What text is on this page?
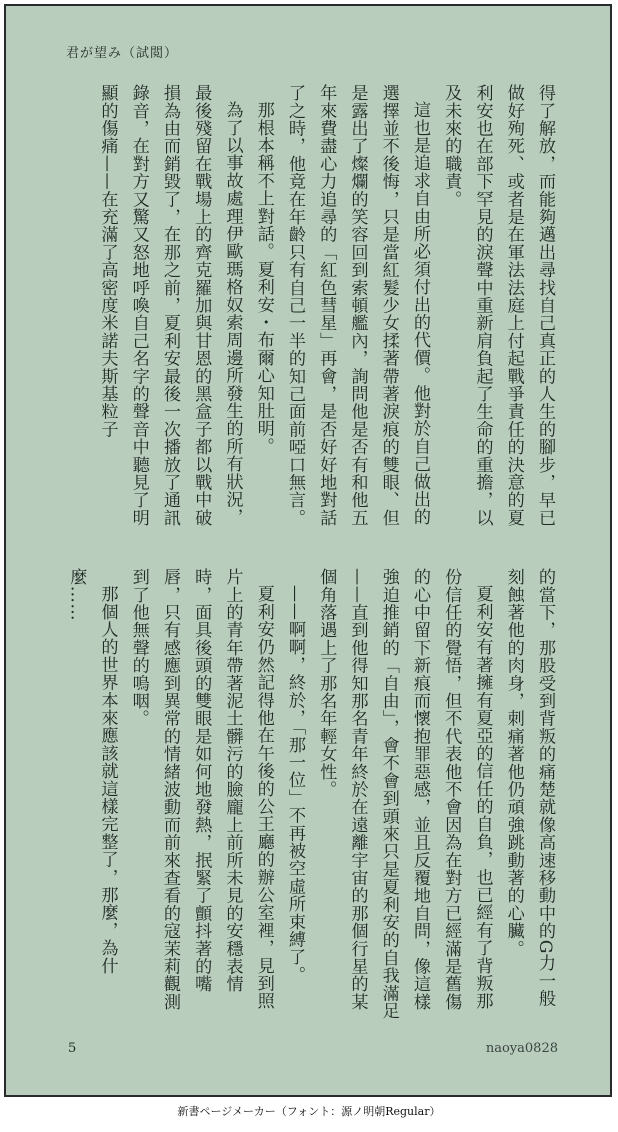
君が望み（試閲）

得了解放，而能夠邁出尋找自己真正的人生的腳步，早已做好殉死、或者是在軍法法庭上付起戰爭責任的決意的夏利安也在部下罕見的淚聲中重新肩負起了生命的重擔，以及未來的職責。

這也是追求自由所必須付出的代價。他對於自己做出的選擇並不後悔，只是當紅髮少女揉著帶著淚痕的雙眼、但是露出了燦爛的笑容回到索頓艦內，詢問他是否有和他五年來費盡心力追尋的「紅色彗星」再會，是否好好地對話了之時，他竟在年齡只有自己一半的知己面前啞口無言。

那根本稱不上對話。夏利安・布爾心知肚明。

為了以事故處理伊歐瑪格奴索周邊所發生的所有狀況，最後殘留在戰場上的齊克羅加與甘恩的黑盒子都以戰中破損為由而銷毀了，在那之前，夏利安最後一次播放了通訊錄音，在對方又驚又怒地呼喚自己名字的聲音中聽見了明顯的傷痛——在充滿了高密度米諾夫斯基粒子

的當下，那股受到背叛的痛楚就像高速移動中的G力一般刻蝕著他的肉身，刺痛著他仍頑強跳動著的心臟。

夏利安有著擁有夏亞的信任的自負，也已經有了背叛那份信任的覺悟，但不代表他不會因為在對方已經滿是舊傷的心中留下新痕而懷抱罪惡感，並且反覆地自問，像這樣強迫推銷的「自由」，會不會到頭來只是夏利安的自我滿足——直到他得知那名青年終於在遠離宇宙的那個行星的某個角落遇上了那名年輕女性。

——啊啊，終於，「那一位」不再被空虛所束縛了。

夏利安仍然記得他在午後的公王廳的辦公室裡，見到照片上的青年帶著泥土髒污的臉龐上前所未見的安穩表情時，面具後頭的雙眼是如何地發熱，抿緊了顫抖著的嘴唇，只有感應到異常的情緒波動而前來查看的寇茉莉觀測到了他無聲的嗚咽。

那個人的世界本來應該就這樣完整了，那麼，為什麼……

5	naoya0828
新書ページメーカー（フォント：源ノ明朝Regular）
